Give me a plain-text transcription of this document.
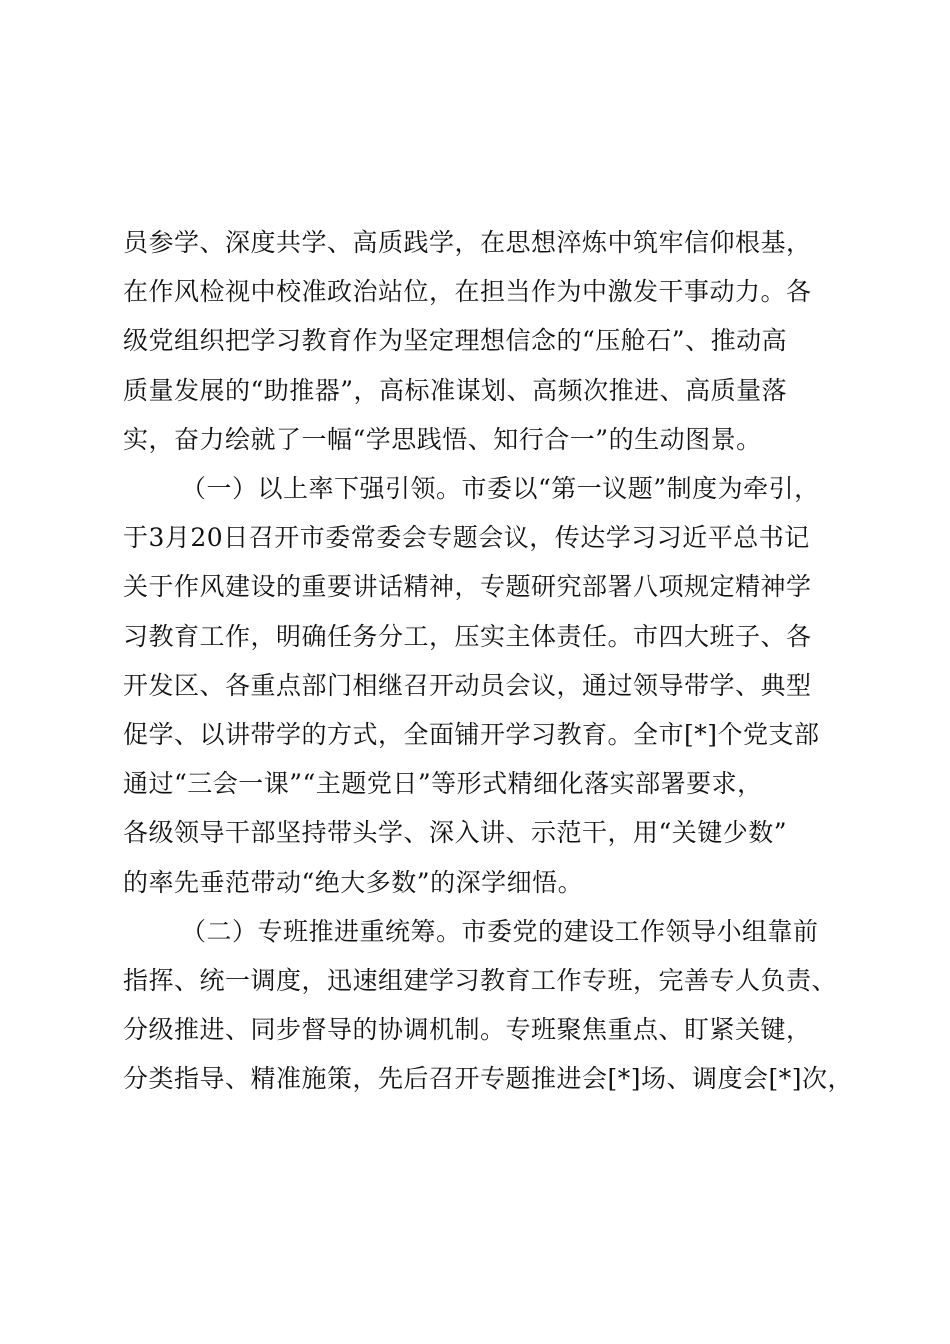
员参学、深度共学、高质践学，在思想淬炼中筑牢信仰根基，
在作风检视中校准政治站位，在担当作为中激发干事动力。各
级党组织把学习教育作为坚定理想信念的“压舱石”、推动高
质量发展的“助推器”，高标准谋划、高频次推进、高质量落
实，奋力绘就了一幅“学思践悟、知行合一”的生动图景。

（一）以上率下强引领。市委以“第一议题”制度为牵引，
于3月20日召开市委常委会专题会议，传达学习习近平总书记
关于作风建设的重要讲话精神，专题研究部署八项规定精神学
习教育工作，明确任务分工，压实主体责任。市四大班子、各
开发区、各重点部门相继召开动员会议，通过领导带学、典型
促学、以讲带学的方式，全面铺开学习教育。全市[*]个党支部
通过“三会一课”“主题党日”等形式精细化落实部署要求，
各级领导干部坚持带头学、深入讲、示范干，用“关键少数”
的率先垂范带动“绝大多数”的深学细悟。

（二）专班推进重统筹。市委党的建设工作领导小组靠前
指挥、统一调度，迅速组建学习教育工作专班，完善专人负责、
分级推进、同步督导的协调机制。专班聚焦重点、盯紧关键，
分类指导、精准施策，先后召开专题推进会[*]场、调度会[*]次，
